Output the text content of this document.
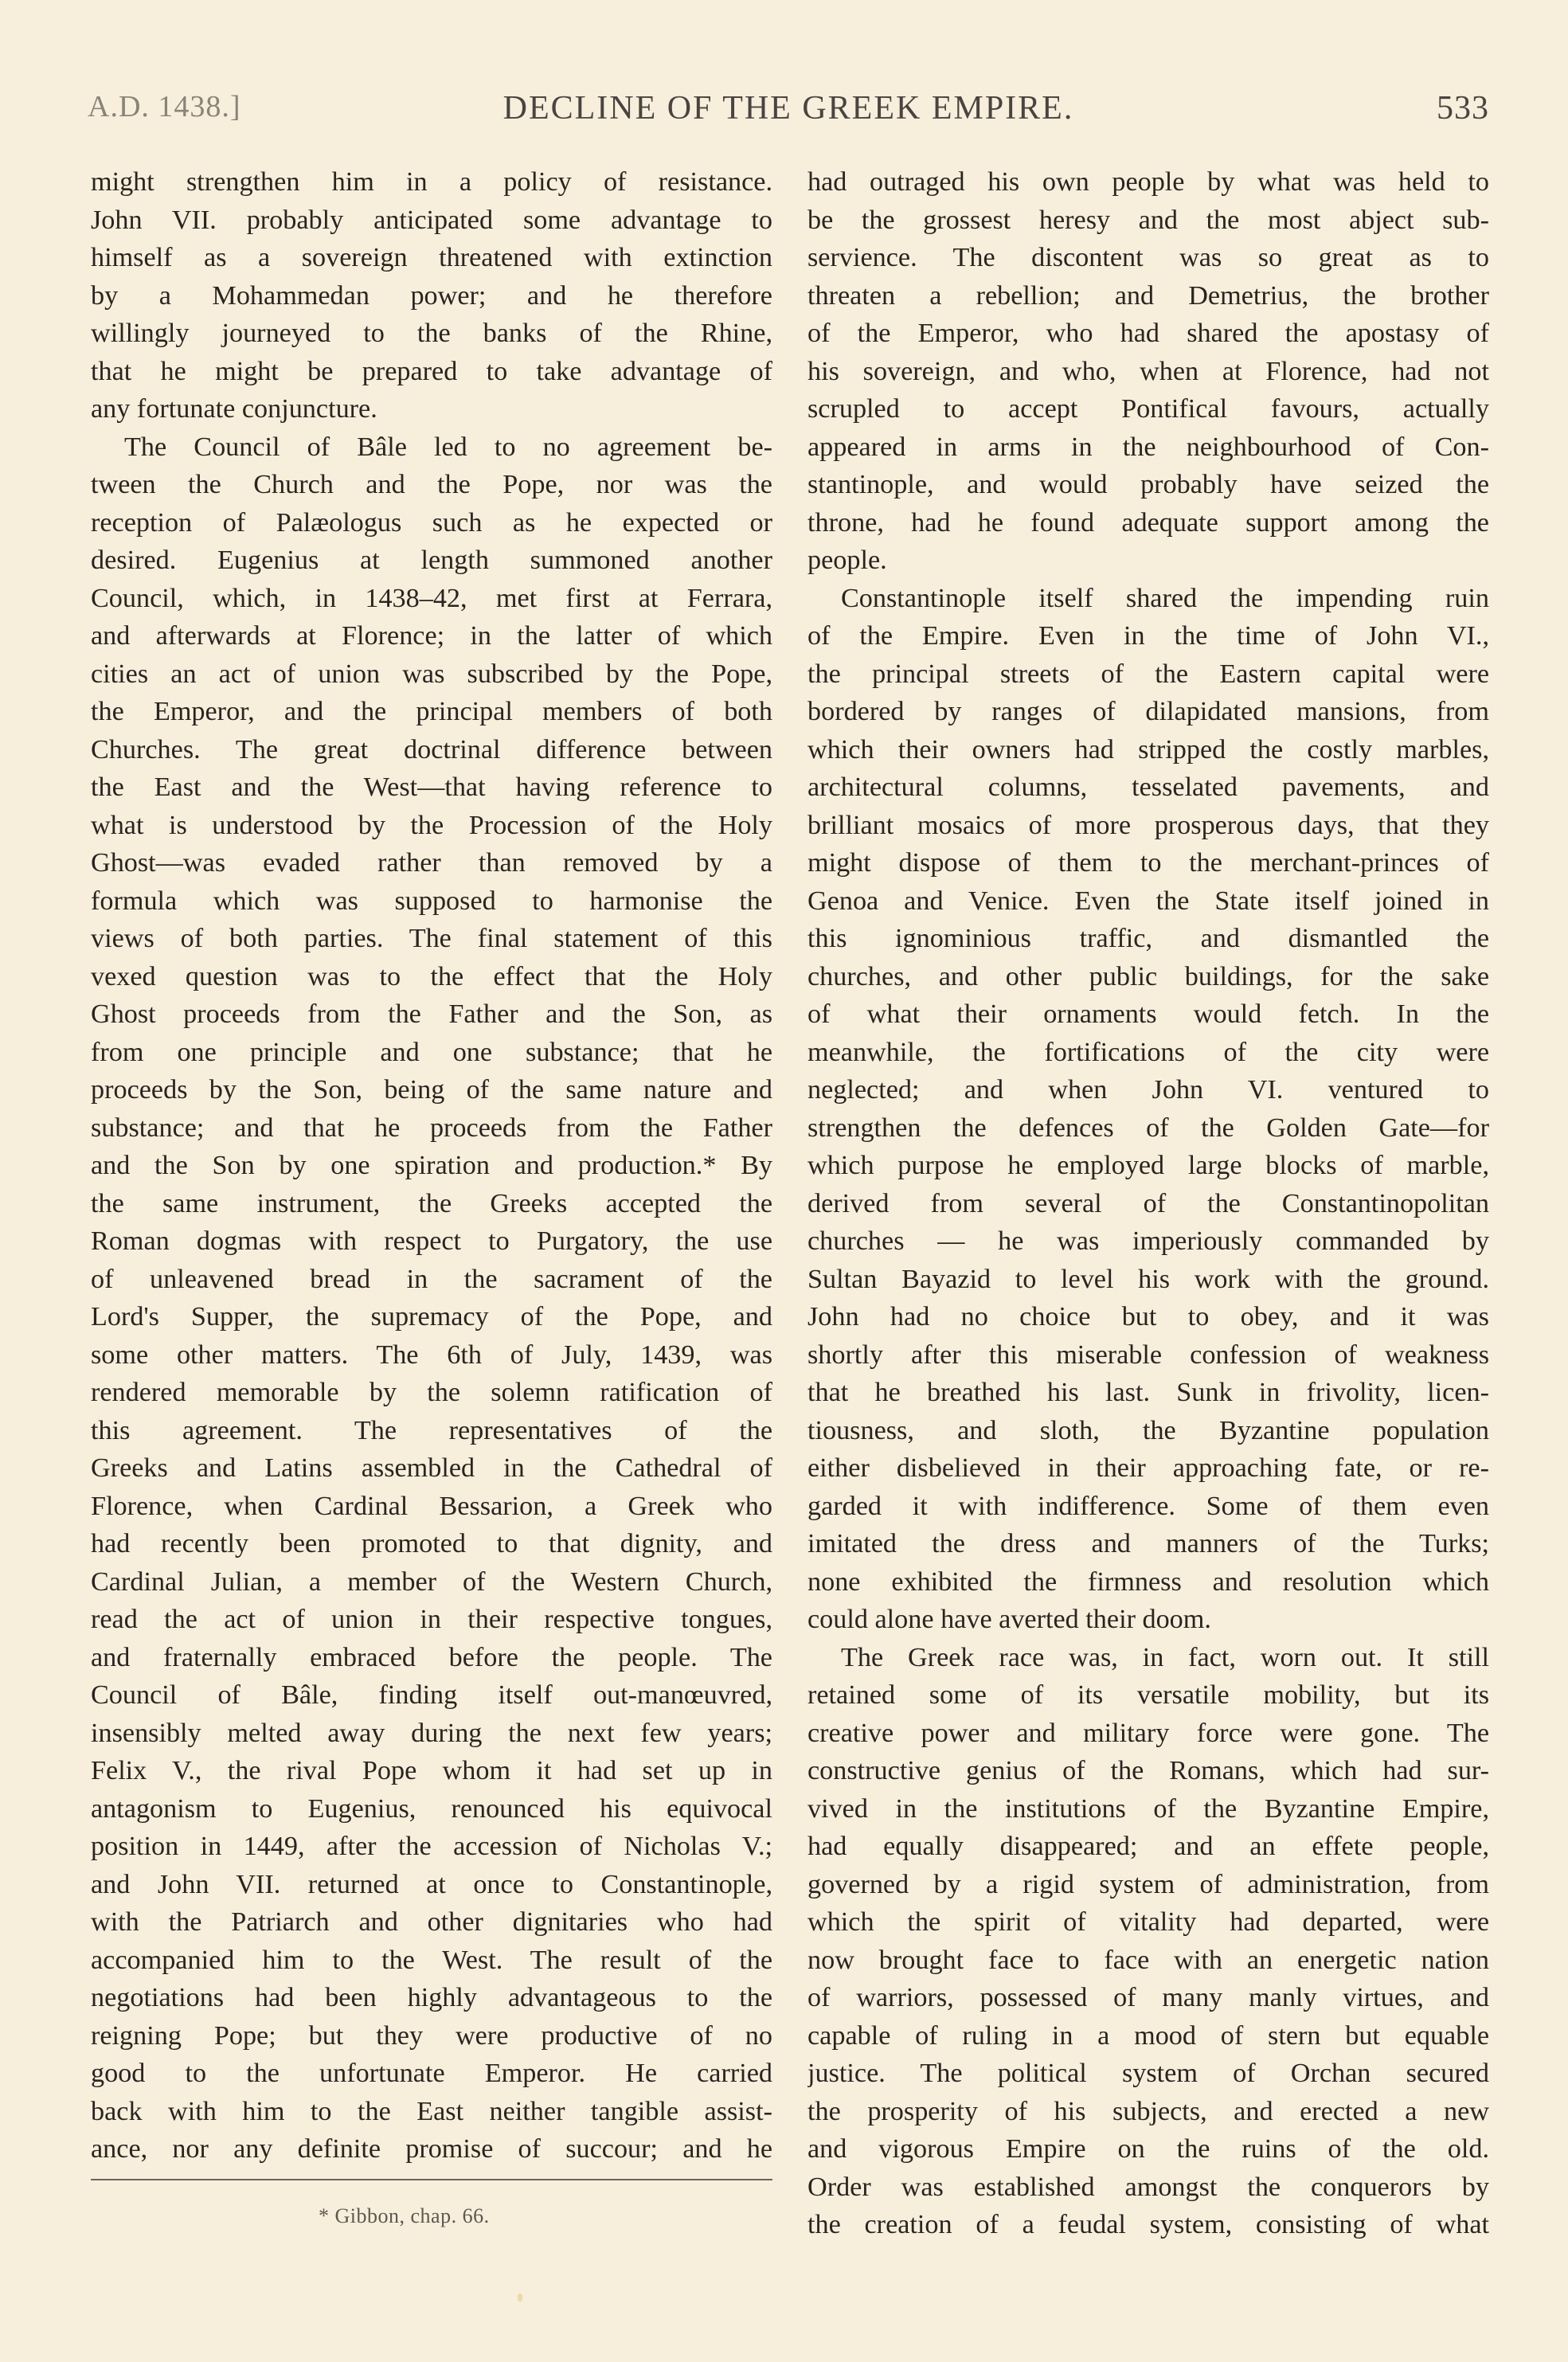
A.D. 1438.]	DECLINE OF THE GREEK EMPIRE.	533
might strengthen him in a policy of resistance.
John VII. probably anticipated some advantage to
himself as a sovereign threatened with extinction
by a Mohammedan power; and he therefore
willingly journeyed to the banks of the Rhine,
that he might be prepared to take advantage of
any fortunate conjuncture.
The Council of Bâle led to no agreement be-
tween the Church and the Pope, nor was the
reception of Palæologus such as he expected or
desired. Eugenius at length summoned another
Council, which, in 1438–42, met first at Ferrara,
and afterwards at Florence; in the latter of which
cities an act of union was subscribed by the Pope,
the Emperor, and the principal members of both
Churches. The great doctrinal difference between
the East and the West—that having reference to
what is understood by the Procession of the Holy
Ghost—was evaded rather than removed by a
formula which was supposed to harmonise the
views of both parties. The final statement of this
vexed question was to the effect that the Holy
Ghost proceeds from the Father and the Son, as
from one principle and one substance; that he
proceeds by the Son, being of the same nature and
substance; and that he proceeds from the Father
and the Son by one spiration and production.* By
the same instrument, the Greeks accepted the
Roman dogmas with respect to Purgatory, the use
of unleavened bread in the sacrament of the
Lord's Supper, the supremacy of the Pope, and
some other matters. The 6th of July, 1439, was
rendered memorable by the solemn ratification of
this agreement. The representatives of the
Greeks and Latins assembled in the Cathedral of
Florence, when Cardinal Bessarion, a Greek who
had recently been promoted to that dignity, and
Cardinal Julian, a member of the Western Church,
read the act of union in their respective tongues,
and fraternally embraced before the people. The
Council of Bâle, finding itself out-manœuvred,
insensibly melted away during the next few years;
Felix V., the rival Pope whom it had set up in
antagonism to Eugenius, renounced his equivocal
position in 1449, after the accession of Nicholas V.;
and John VII. returned at once to Constantinople,
with the Patriarch and other dignitaries who had
accompanied him to the West. The result of the
negotiations had been highly advantageous to the
reigning Pope; but they were productive of no
good to the unfortunate Emperor. He carried
back with him to the East neither tangible assist-
ance, nor any definite promise of succour; and he
had outraged his own people by what was held to
be the grossest heresy and the most abject sub-
servience. The discontent was so great as to
threaten a rebellion; and Demetrius, the brother
of the Emperor, who had shared the apostasy of
his sovereign, and who, when at Florence, had not
scrupled to accept Pontifical favours, actually
appeared in arms in the neighbourhood of Con-
stantinople, and would probably have seized the
throne, had he found adequate support among the
people.
Constantinople itself shared the impending ruin
of the Empire. Even in the time of John VI.,
the principal streets of the Eastern capital were
bordered by ranges of dilapidated mansions, from
which their owners had stripped the costly marbles,
architectural columns, tesselated pavements, and
brilliant mosaics of more prosperous days, that they
might dispose of them to the merchant-princes of
Genoa and Venice. Even the State itself joined in
this ignominious traffic, and dismantled the
churches, and other public buildings, for the sake
of what their ornaments would fetch. In the
meanwhile, the fortifications of the city were
neglected; and when John VI. ventured to
strengthen the defences of the Golden Gate—for
which purpose he employed large blocks of marble,
derived from several of the Constantinopolitan
churches — he was imperiously commanded by
Sultan Bayazid to level his work with the ground.
John had no choice but to obey, and it was
shortly after this miserable confession of weakness
that he breathed his last. Sunk in frivolity, licen-
tiousness, and sloth, the Byzantine population
either disbelieved in their approaching fate, or re-
garded it with indifference. Some of them even
imitated the dress and manners of the Turks;
none exhibited the firmness and resolution which
could alone have averted their doom.
The Greek race was, in fact, worn out. It still
retained some of its versatile mobility, but its
creative power and military force were gone. The
constructive genius of the Romans, which had sur-
vived in the institutions of the Byzantine Empire,
had equally disappeared; and an effete people,
governed by a rigid system of administration, from
which the spirit of vitality had departed, were
now brought face to face with an energetic nation
of warriors, possessed of many manly virtues, and
capable of ruling in a mood of stern but equable
justice. The political system of Orchan secured
the prosperity of his subjects, and erected a new
and vigorous Empire on the ruins of the old.
Order was established amongst the conquerors by
the creation of a feudal system, consisting of what
* Gibbon, chap. 66.
